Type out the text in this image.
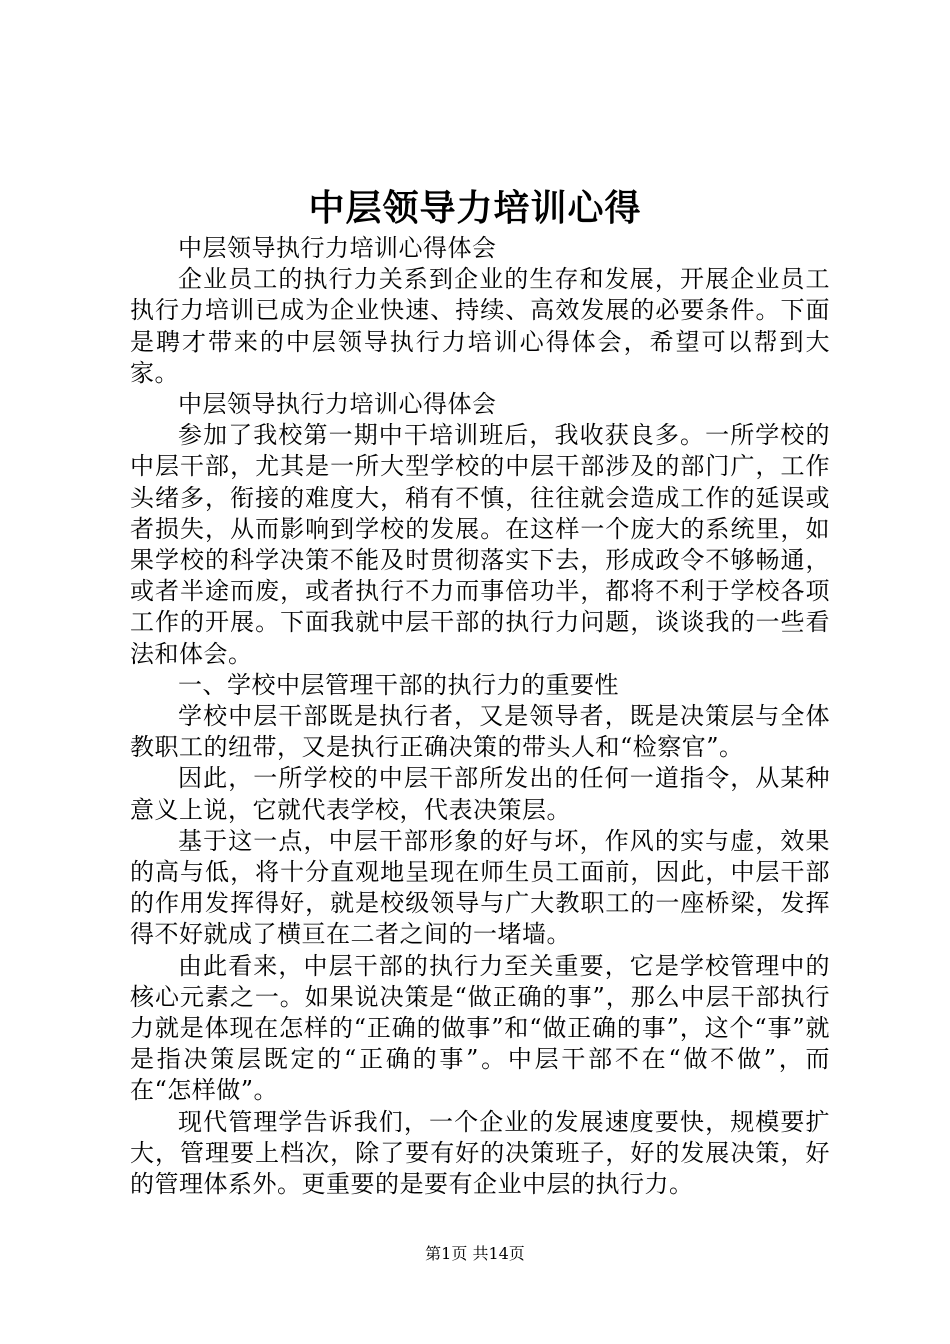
中层领导力培训心得

中层领导执行力培训心得体会

企业员工的执行力关系到企业的生存和发展，开展企业员工执行力培训已成为企业快速、持续、高效发展的必要条件。下面是聘才带来的中层领导执行力培训心得体会，希望可以帮到大家。

中层领导执行力培训心得体会

参加了我校第一期中干培训班后，我收获良多。一所学校的中层干部，尤其是一所大型学校的中层干部涉及的部门广，工作头绪多，衔接的难度大，稍有不慎，往往就会造成工作的延误或者损失，从而影响到学校的发展。在这样一个庞大的系统里，如果学校的科学决策不能及时贯彻落实下去，形成政令不够畅通，或者半途而废，或者执行不力而事倍功半，都将不利于学校各项工作的开展。下面我就中层干部的执行力问题，谈谈我的一些看法和体会。

一、学校中层管理干部的执行力的重要性

学校中层干部既是执行者，又是领导者，既是决策层与全体教职工的纽带，又是执行正确决策的带头人和“检察官”。

因此，一所学校的中层干部所发出的任何一道指令，从某种意义上说，它就代表学校，代表决策层。

基于这一点，中层干部形象的好与坏，作风的实与虚，效果的高与低，将十分直观地呈现在师生员工面前，因此，中层干部的作用发挥得好，就是校级领导与广大教职工的一座桥梁，发挥得不好就成了横亘在二者之间的一堵墙。

由此看来，中层干部的执行力至关重要，它是学校管理中的核心元素之一。如果说决策是“做正确的事”，那么中层干部执行力就是体现在怎样的“正确的做事”和“做正确的事”，这个“事”就是指决策层既定的“正确的事”。中层干部不在“做不做”，而在“怎样做”。

现代管理学告诉我们，一个企业的发展速度要快，规模要扩大，管理要上档次，除了要有好的决策班子，好的发展决策，好的管理体系外。更重要的是要有企业中层的执行力。

第1页 共14页
